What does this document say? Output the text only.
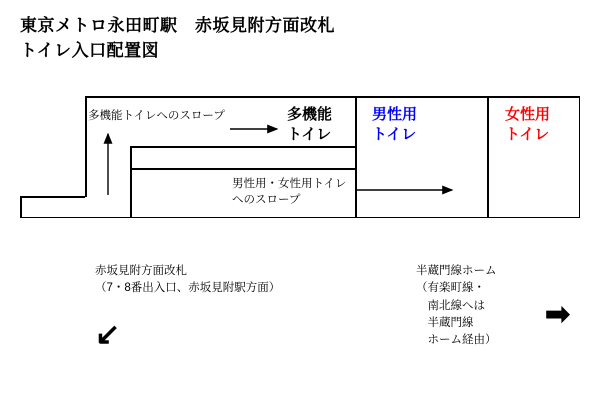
東京メトロ永田町駅　赤坂見附方面改札
トイレ入口配置図
多機能
トイレ
男性用
トイレ
女性用
トイレ
多機能トイレへのスロープ
男性用・女性用トイレ
へのスロープ
赤坂見附方面改札
（7・8番出入口、赤坂見附駅方面）
↙
半蔵門線ホーム
（有楽町線・
　南北線へは
　半蔵門線
　ホーム経由）
➡
